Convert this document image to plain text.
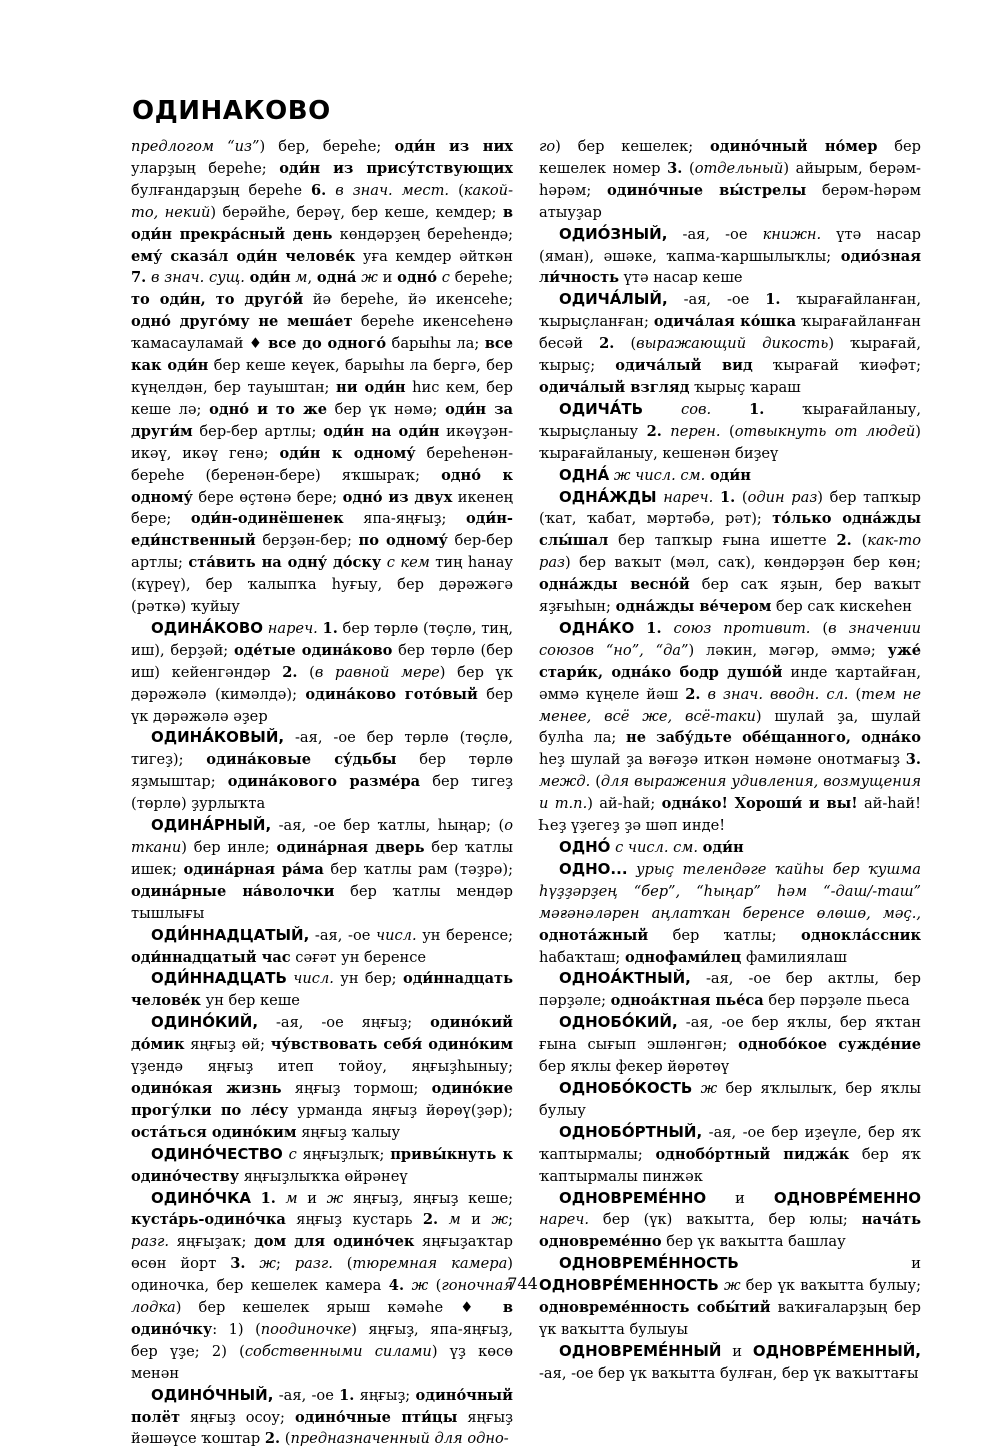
ОДИНАКОВО

предлогом “из”) бер, береһе; оди́н из них уларҙың береһе; оди́н из прису́тствующих булғандарҙың береһе 6. в знач. мест. (какой-то, некий) берәйһе, берәү, бер кеше, кемдер; в оди́н прекра́сный день көндәрҙең береһендә; ему́ сказа́л оди́н челове́к уға кемдер әйткән 7. в знач. сущ. оди́н м, одна́ ж и одно́ с береһе; то оди́н, то друго́й йә береһе, йә икенсеһе; одно́ друго́му не меша́ет береһе икенсеһенә ҡамасауламай ♦ все до одного́ барыһы ла; все как оди́н бер кеше кеүек, барыһы ла бергә, бер күңелдән, бер тауыштан; ни оди́н һис кем, бер кеше лә; одно́ и то же бер үк нәмә; оди́н за други́м бер-бер артлы; оди́н на оди́н икәүҙән-икәү, икәү генә; оди́н к одному́ береһенән-береһе (беренән-бере) яҡшыраҡ; одно́ к одному́ бере өҫтөнә бере; одно́ из двух икенең бере; оди́н-одинёшенек япа-яңғыҙ; оди́н-еди́нственный берҙән-бер; по одному́ бер-бер артлы; ста́вить на одну́ до́ску с кем тиң һанау (күреү), бер ҡалыпҡа һуғыу, бер дәрәжәгә (рәткә) ҡуйыу

ОДИНА́КОВО нареч. 1. бер төрлө (төҫлө, тиң, иш), берҙәй; оде́тые одина́ково бер төрлө (бер иш) кейенгәндәр 2. (в равной мере) бер үк дәрәжәлә (кимәлдә); одина́ково гото́вый бер үк дәрәжәлә әҙер

ОДИНА́КОВЫЙ, -ая, -ое бер төрлө (төҫлө, тигеҙ); одина́ковые су́дьбы бер төрлө яҙмыштар; одина́кового разме́ра бер тигеҙ (төрлө) ҙурлыҡта

ОДИНА́РНЫЙ, -ая, -ое бер ҡатлы, һыңар; (о ткани) бер инле; одина́рная дверь бер ҡатлы ишек; одина́рная ра́ма бер ҡатлы рам (тәҙрә); одина́рные на́волочки бер ҡатлы мендәр тышлығы

ОДИ́ННАДЦАТЫЙ, -ая, -ое числ. ун беренсе; оди́ннадцатый час сәғәт ун беренсе

ОДИ́ННАДЦАТЬ числ. ун бер; оди́ннадцать челове́к ун бер кеше

ОДИНО́КИЙ, -ая, -ое яңғыҙ; одино́кий до́мик яңғыҙ өй; чу́вствовать себя́ одино́ким үҙендә яңғыҙ итеп тойоу, яңғыҙһыныу; одино́кая жизнь яңғыҙ тормош; одино́кие прогу́лки по ле́су урманда яңғыҙ йөрөү(ҙәр); оста́ться одино́ким яңғыҙ ҡалыу

ОДИНО́ЧЕСТВО с яңғыҙлыҡ; привы́кнуть к одино́честву яңғыҙлыҡҡа өйрәнеү

ОДИНО́ЧКА 1. м и ж яңғыҙ, яңғыҙ кеше; куста́рь-одино́чка яңғыҙ кустарь 2. м и ж; разг. яңғыҙаҡ; дом для одино́чек яңғыҙаҡтар өсөн йорт 3. ж; разг. (тюремная камера) одиночка, бер кешелек камера 4. ж (гоночная лодка) бер кешелек ярыш кәмәһе ♦ в одино́чку: 1) (поодиночке) яңғыҙ, япа-яңғыҙ, бер үҙе; 2) (собственными силами) үҙ көсө менән

ОДИНО́ЧНЫЙ, -ая, -ое 1. яңғыҙ; одино́чный полёт яңғыҙ осоу; одино́чные пти́цы яңғыҙ йәшәүсе ҡоштар 2. (предназначенный для одно-

го) бер кешелек; одино́чный но́мер бер кешелек номер 3. (отдельный) айырым, берәм-һәрәм; одино́чные вы́стрелы берәм-һәрәм атыуҙар

ОДИО́ЗНЫЙ, -ая, -ое книжн. үтә насар (яман), әшәке, ҡапма-ҡаршылыҡлы; одио́зная ли́чность үтә насар кеше

ОДИЧА́ЛЫЙ, -ая, -ое 1. ҡырағайланған, ҡырыҫланған; одича́лая ко́шка ҡырағайланған бесәй 2. (выражающий дикость) ҡырағай, ҡырыҫ; одича́лый вид ҡырағай ҡиәфәт; одича́лый взгляд ҡырыҫ ҡараш

ОДИЧА́ТЬ	сов.	1. ҡырағайланыу, ҡырыҫланыу 2. перен. (отвыкнуть от людей) ҡырағайланыу, кешенән биҙеү

ОДНА́ ж числ. см. оди́н

ОДНА́ЖДЫ нареч. 1. (один раз) бер тапҡыр (ҡат, ҡабат, мәртәбә, рәт); то́лько одна́жды слы́шал бер тапҡыр ғына ишетте 2. (как-то раз) бер ваҡыт (мәл, саҡ), көндәрҙән бер көн; одна́жды весно́й бер саҡ яҙын, бер ваҡыт яҙғыһын; одна́жды ве́чером бер саҡ кискеһен

ОДНА́КО 1. союз противит. (в значении союзов “но”, “да”) ләкин, мәгәр, әммә; уже́ стари́к, одна́ко бодр душо́й инде ҡартайған, әммә күңеле йәш 2. в знач. вводн. сл. (тем не менее, всё же, всё-таки) шулай ҙа, шулай булһа ла; не забу́дьте обе́щанного, одна́ко һеҙ шулай ҙа вәғәҙә иткән нәмәне онотмағыҙ 3. межд. (для выражения удивления, возмущения и т.п.) ай-һай; одна́ко! Хороши́ и вы! ай-һай! Һеҙ үҙегеҙ ҙә шәп инде!

ОДНО́ с числ. см. оди́н

ОДНО... урыҫ телендәге ҡайһы бер ҡушма һүҙҙәрҙең “бер”, “һыңар” һәм “-даш/-таш” мәғәнәләрен аңлатҡан беренсе өлөшө, мәҫ., однота́жный бер ҡатлы; однокла́ссник һабаҡташ; однофами́лец фамилиялаш

ОДНОА́КТНЫЙ, -ая, -ое бер актлы, бер пәрҙәле; одноа́ктная пье́са бер пәрҙәле пьеса

ОДНОБО́КИЙ, -ая, -ое бер яҡлы, бер яҡтан ғына сығып эшләнгән; однобо́кое сужде́ние бер яҡлы фекер йөрөтөү

ОДНОБО́КОСТЬ ж бер яҡлылыҡ, бер яҡлы булыу

ОДНОБО́РТНЫЙ, -ая, -ое бер иҙеүле, бер яҡ ҡаптырмалы; однобо́ртный пиджа́к бер яҡ ҡаптырмалы пинжәк

ОДНОВРЕМЕ́ННО и ОДНОВРЕ́МЕННО нареч. бер (үк) ваҡытта, бер юлы; нача́ть одновреме́нно бер үк ваҡытта башлау

ОДНОВРЕМЕ́ННОСТЬ и ОДНОВРЕ́МЕННОСТЬ ж бер үк ваҡытта булыу; одновреме́нность собы́тий ваҡиғаларҙың бер үк ваҡытта булыуы

ОДНОВРЕМЕ́ННЫЙ и ОДНОВРЕ́МЕННЫЙ, -ая, -ое бер үк ваҡытта булған, бер үк ваҡыттағы

744
